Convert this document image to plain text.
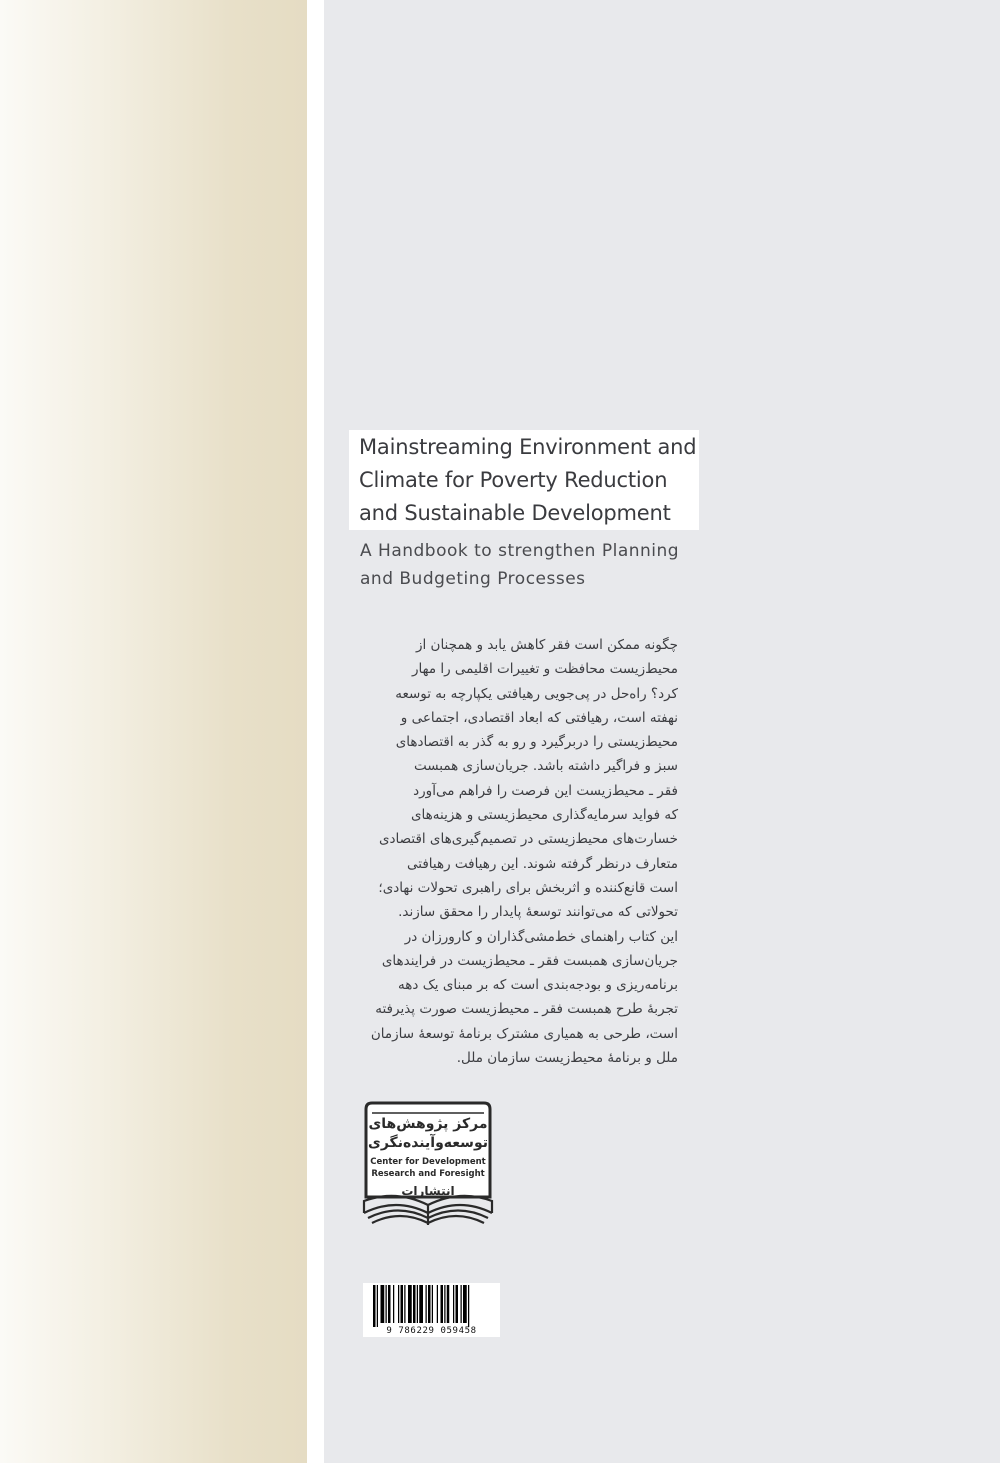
Mainstreaming Environment and
Climate for Poverty Reduction
and Sustainable Development
A Handbook to strengthen Planning
and Budgeting Processes
چگونه ممکن است فقر کاهش یابد و همچنان از
محیط‌زیست محافظت و تغییرات اقلیمی را مهار
کرد؟ راه‌حل در پی‌جویی رهیافتی یکپارچه به توسعه
نهفته است، رهیافتی که ابعاد اقتصادی، اجتماعی و
محیط‌زیستی را دربرگیرد و رو به گذر به اقتصادهای
سبز و فراگیر داشته باشد. جریان‌سازی همبست
فقر ـ محیط‌زیست این فرصت را فراهم می‌آورد
که فواید سرمایه‌گذاری محیط‌زیستی و هزینه‌های
خسارت‌های محیط‌زیستی در تصمیم‌گیری‌های اقتصادی
متعارف درنظر گرفته شوند. این رهیافت رهیافتی
است قانع‌کننده و اثربخش برای راهبری تحولات نهادی؛
تحولاتی که می‌توانند توسعهٔ پایدار را محقق سازند.
این کتاب راهنمای خط‌مشی‌گذاران و کارورزان در
جریان‌سازی همبست فقر ـ محیط‌زیست در فرایندهای
برنامه‌ریزی و بودجه‌بندی است که بر مبنای یک دهه
تجربهٔ طرح همبست فقر ـ محیط‌زیست صورت پذیرفته
است، طرحی به همیاری مشترک برنامهٔ توسعهٔ سازمان
ملل و برنامهٔ محیط‌زیست سازمان ملل.
مرکز پژوهش‌های
توسعه‌و‌آینده‌نگری
Center for Development
Research and Foresight
انتشارات
9 786229 059458
